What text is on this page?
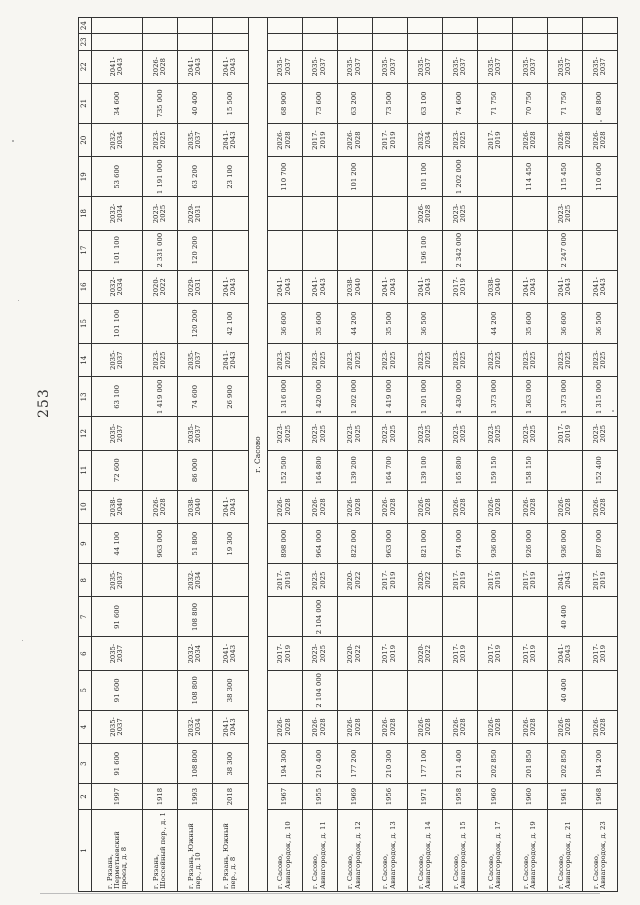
253
1	2	3	4	5	6	7	8	9	10	11	12	13	14	15	16	17	18	19	20	21	22	23	24
г. Рязань, Перметыевский проезд, д. 8	1997	91 600	2035-2037	91 600	2035-2037	91 600	2035-2037	44 100	2038-2040	72 600	2035-2037	63 100	2035-2037	101 100	2032-2034	101 100	2032-2034	53 600	2032-2034	34 600	2041-2043		
г. Рязань, Шоссейный пер., д. 1	1918							963 000	2026-2028			1 419 000	2023-2025		2020-2022	2 331 000	2023-2025	1 191 000	2023-2025	735 000	2026-2028		
г. Рязань, Южный пер., д. 10	1993	108 800	2032-2034	108 800	2032-2034	108 800	2032-2034	51 800	2038-2040	86 000	2035-2037	74 600	2035-2037	120 200	2029-2031	120 200	2029-2031	63 200	2035-2037	40 400	2041-2043		
г. Рязань, Южный пер., д. 8	2018	38 300	2041-2043	38 300	2041-2043			19 300	2041-2043			26 900	2041-2043	42 100	2041-2043			23 100	2041-2043	15 500	2041-2043		
г. Сасово																							
г. Сасово, Авиагородок, д. 10	1967	194 300	2026-2028		2017-2019		2017-2019	898 000	2026-2028	152 500	2023-2025	1 316 000	2023-2025	36 600	2041-2043			110 700	2026-2028	68 900	2035-2037		
г. Сасово, Авиагородок, д. 11	1955	210 400	2026-2028	2 104 000	2023-2025	2 104 000	2023-2025	964 000	2026-2028	164 800	2023-2025	1 420 000	2023-2025	35 600	2041-2043				2017-2019	73 600	2035-2037		
г. Сасово, Авиагородок, д. 12	1969	177 200	2026-2028		2020-2022		2020-2022	822 000	2026-2028	139 200	2023-2025	1 202 000	2023-2025	44 200	2038-2040			101 200	2026-2028	63 200	2035-2037		
г. Сасово, Авиагородок, д. 13	1956	210 300	2026-2028		2017-2019		2017-2019	963 000	2026-2028	164 700	2023-2025	1 419 000	2023-2025	35 500	2041-2043				2017-2019	73 500	2035-2037		
г. Сасово, Авиагородок, д. 14	1971	177 100	2026-2028		2020-2022		2020-2022	821 000	2026-2028	139 100	2023-2025	1 201 000	2023-2025	36 500	2041-2043	196 100	2026-2028	101 100	2032-2034	63 100	2035-2037		
г. Сасово, Авиагородок, д. 15	1958	211 400	2026-2028		2017-2019		2017-2019	974 000	2026-2028	165 800	2023-2025	1 430 000	2023-2025		2017-2019	2 342 000	2023-2025	1 202 000	2023-2025	74 600	2035-2037		
г. Сасово, Авиагородок, д. 17	1960	202 850	2026-2028		2017-2019		2017-2019	936 000	2026-2028	159 150	2023-2025	1 373 000	2023-2025	44 200	2038-2040				2017-2019	71 750	2035-2037		
г. Сасово, Авиагородок, д. 19	1960	201 850	2026-2028		2017-2019		2017-2019	926 000	2026-2028	158 150	2023-2025	1 363 000	2023-2025	35 600	2041-2043			114 450	2026-2028	70 750	2035-2037		
г. Сасово, Авиагородок, д. 21	1961	202 850	2026-2028	40 400	2041-2043	40 400	2041-2043	936 000	2026-2028		2017-2019	1 373 000	2023-2025	36 600	2041-2043	2 247 000	2023-2025	115 450	2026-2028	71 750	2035-2037		
г. Сасово, Авиагородок, д. 23	1968	194 200	2026-2028		2017-2019		2017-2019	897 000	2026-2028	152 400	2023-2025	1 315 000	2023-2025	36 500	2041-2043			110 600	2026-2028	68 800	2035-2037		
